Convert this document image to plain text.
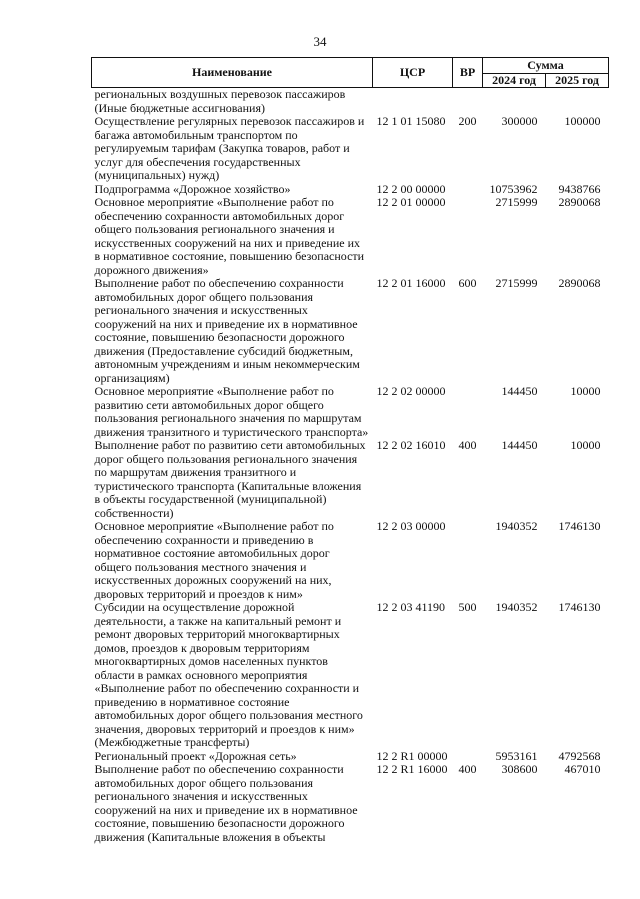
34
Наименование	ЦСР	ВР	Сумма	
			2024 год	2025 год
региональных воздушных перевозок пассажиров (Иные бюджетные ассигнования)				
Осуществление регулярных перевозок пассажиров и багажа автомобильным транспортом по регулируемым тарифам (Закупка товаров, работ и услуг для обеспечения государственных (муниципальных) нужд)	12 1 01 15080	200	300000	100000
Подпрограмма «Дорожное хозяйство»	12 2 00 00000		10753962	9438766
Основное мероприятие «Выполнение работ по обеспечению сохранности автомобильных дорог общего пользования регионального значения и искусственных сооружений на них и приведение их в нормативное состояние, повышению безопасности дорожного движения»	12 2 01 00000		2715999	2890068
Выполнение работ по обеспечению сохранности автомобильных дорог общего пользования регионального значения и искусственных сооружений на них и приведение их в нормативное состояние, повышению безопасности дорожного движения (Предоставление субсидий бюджетным, автономным учреждениям и иным некоммерческим организациям)	12 2 01 16000	600	2715999	2890068
Основное мероприятие «Выполнение работ по развитию сети автомобильных дорог общего пользования регионального значения по маршрутам движения транзитного и туристического транспорта»	12 2 02 00000		144450	10000
Выполнение работ по развитию сети автомобильных дорог общего пользования регионального значения по маршрутам движения транзитного и туристического транспорта (Капитальные вложения в объекты государственной (муниципальной) собственности)	12 2 02 16010	400	144450	10000
Основное мероприятие «Выполнение работ по обеспечению сохранности и приведению в нормативное состояние автомобильных дорог общего пользования местного значения и искусственных дорожных сооружений на них, дворовых территорий и проездов к ним»	12 2 03 00000		1940352	1746130
Субсидии на осуществление дорожной деятельности, а также на капитальный ремонт и ремонт дворовых территорий многоквартирных домов, проездов к дворовым территориям многоквартирных домов населенных пунктов области в рамках основного мероприятия «Выполнение работ по обеспечению сохранности и приведению в нормативное состояние автомобильных дорог общего пользования местного значения, дворовых территорий и проездов к ним» (Межбюджетные трансферты)	12 2 03 41190	500	1940352	1746130
Региональный проект «Дорожная сеть»	12 2 R1 00000		5953161	4792568
Выполнение работ по обеспечению сохранности автомобильных дорог общего пользования регионального значения и искусственных сооружений на них и приведение их в нормативное состояние, повышению безопасности дорожного движения (Капитальные вложения в объекты	12 2 R1 16000	400	308600	467010
